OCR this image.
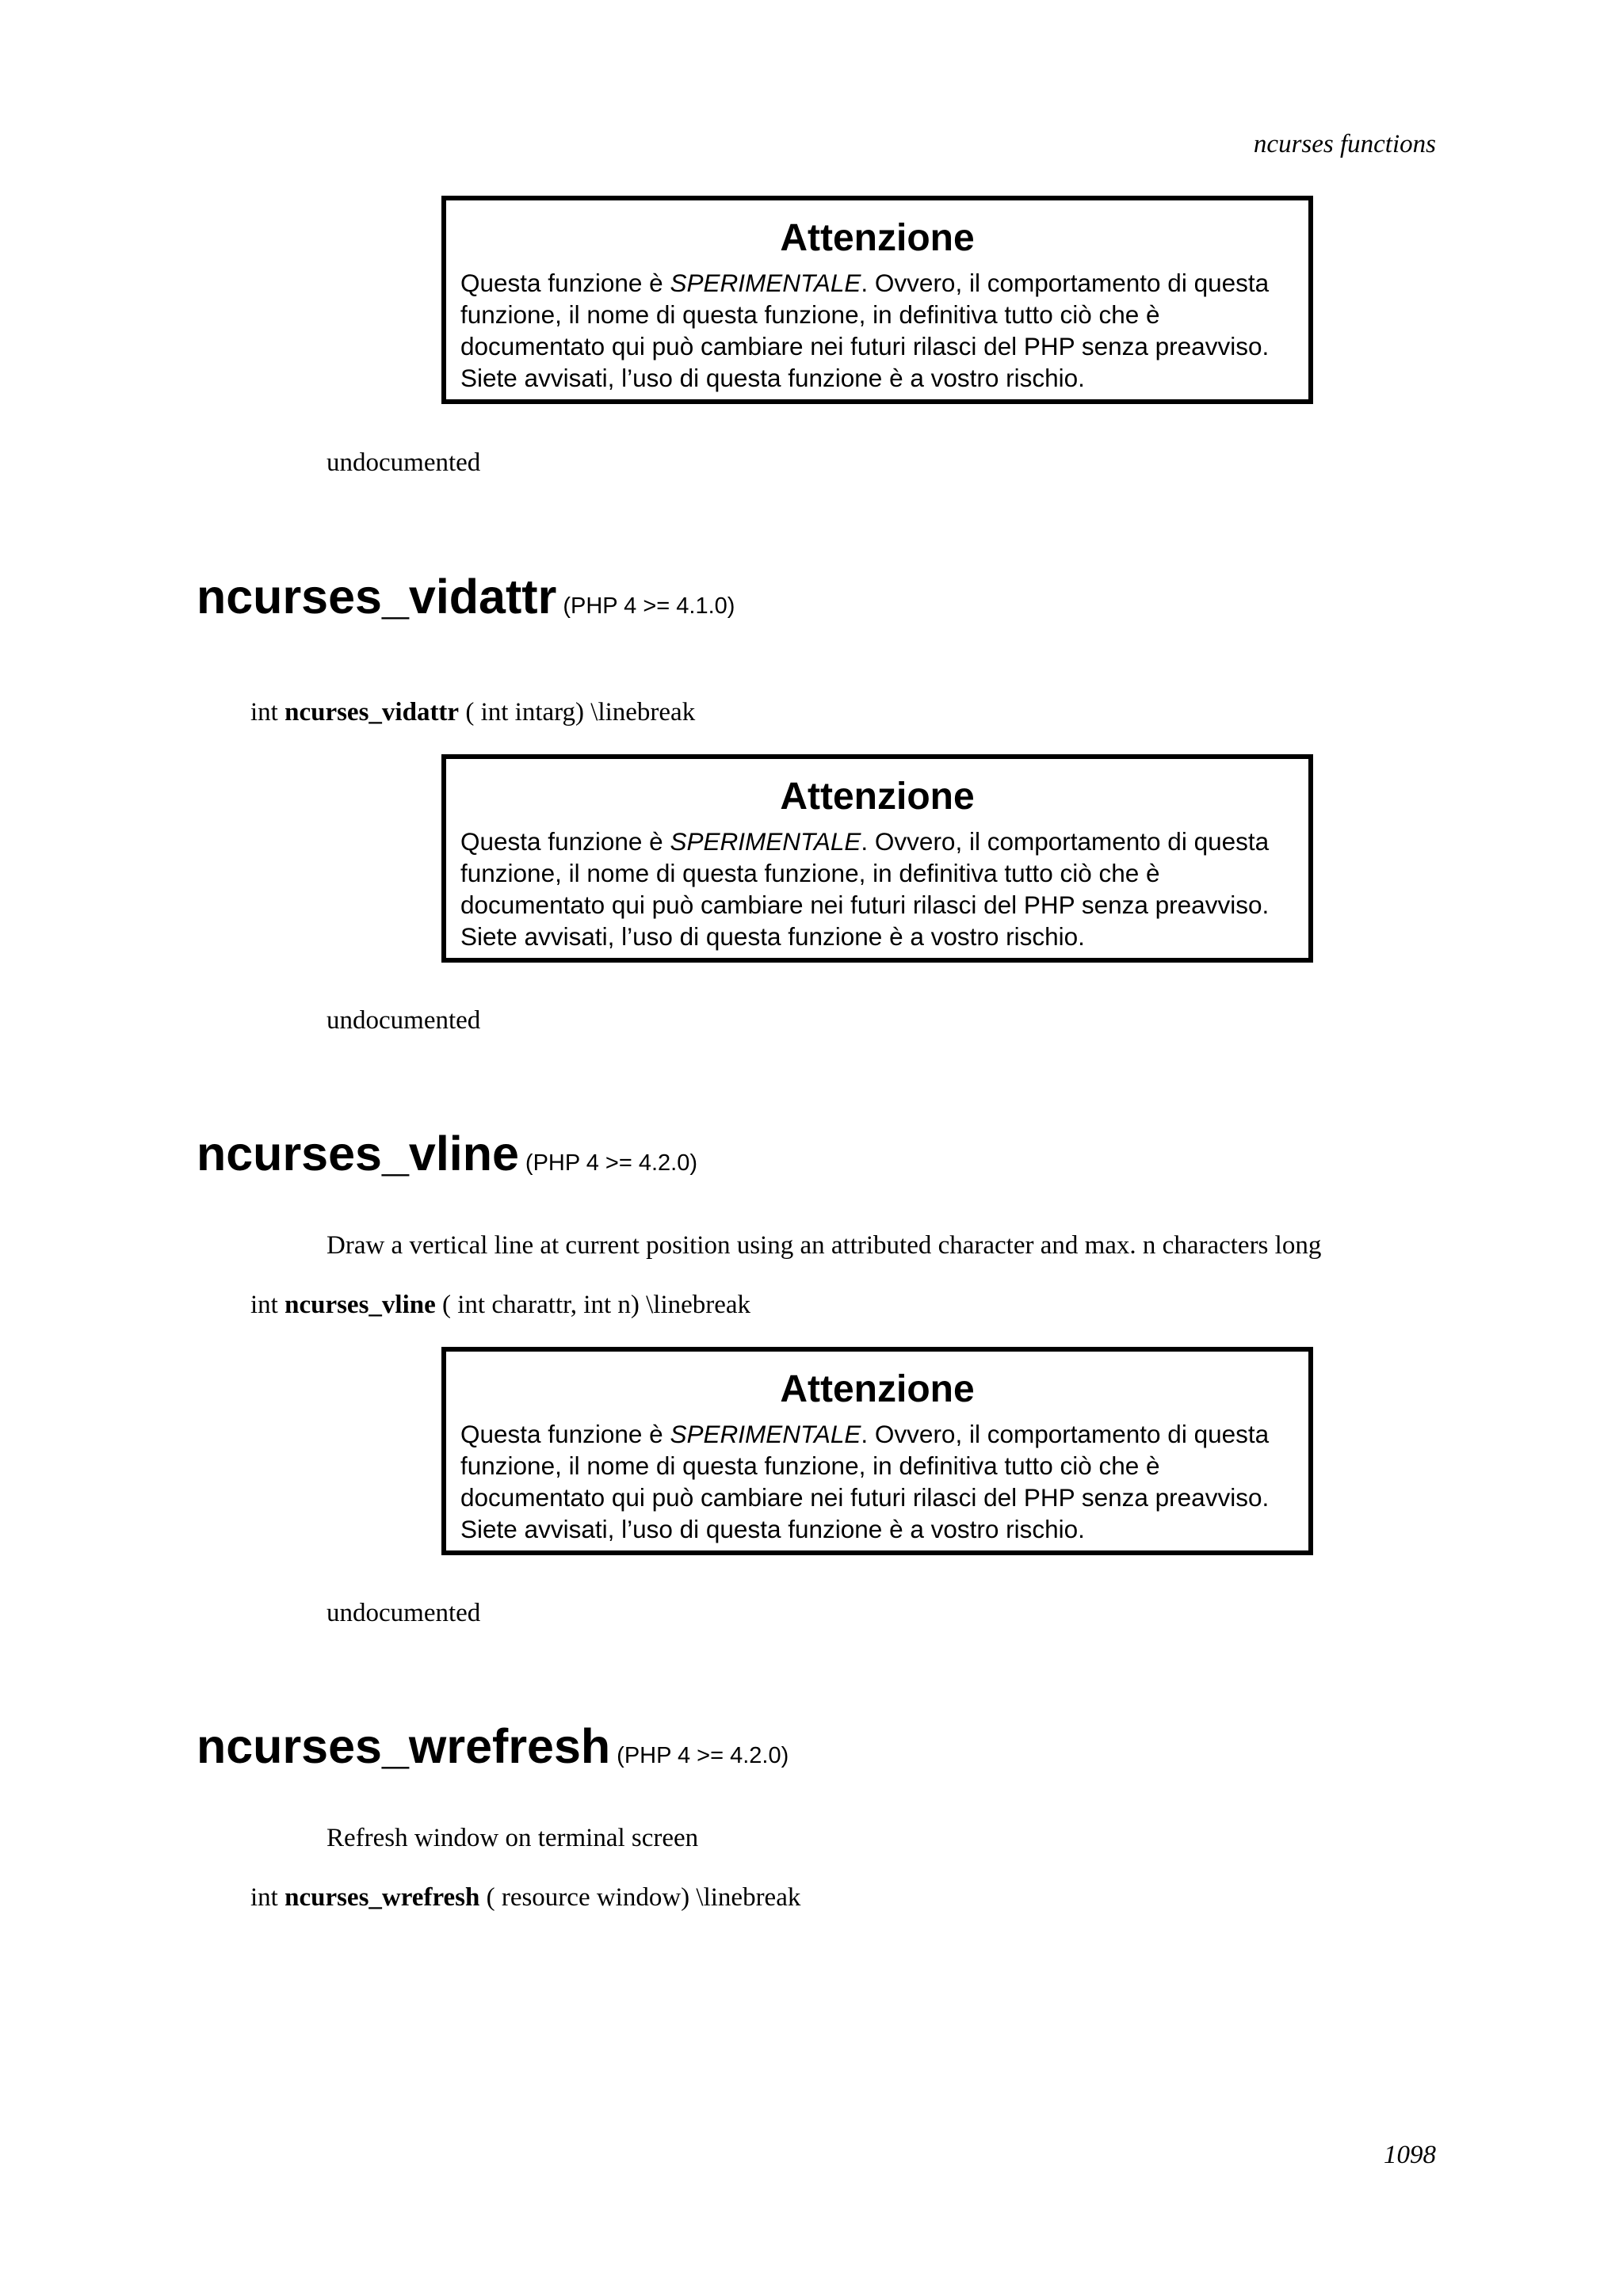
ncurses functions
Attenzione
Questa funzione è SPERIMENTALE. Ovvero, il comportamento di questa funzione, il nome di questa funzione, in definitiva tutto ciò che è documentato qui può cambiare nei futuri rilasci del PHP senza preavviso. Siete avvisati, l’uso di questa funzione è a vostro rischio.
undocumented
ncurses_vidattr (PHP 4 >= 4.1.0)
int ncurses_vidattr ( int intarg) \linebreak
Attenzione
Questa funzione è SPERIMENTALE. Ovvero, il comportamento di questa funzione, il nome di questa funzione, in definitiva tutto ciò che è documentato qui può cambiare nei futuri rilasci del PHP senza preavviso. Siete avvisati, l’uso di questa funzione è a vostro rischio.
undocumented
ncurses_vline (PHP 4 >= 4.2.0)
Draw a vertical line at current position using an attributed character and max. n characters long
int ncurses_vline ( int charattr, int n) \linebreak
Attenzione
Questa funzione è SPERIMENTALE. Ovvero, il comportamento di questa funzione, il nome di questa funzione, in definitiva tutto ciò che è documentato qui può cambiare nei futuri rilasci del PHP senza preavviso. Siete avvisati, l’uso di questa funzione è a vostro rischio.
undocumented
ncurses_wrefresh (PHP 4 >= 4.2.0)
Refresh window on terminal screen
int ncurses_wrefresh ( resource window) \linebreak
1098
